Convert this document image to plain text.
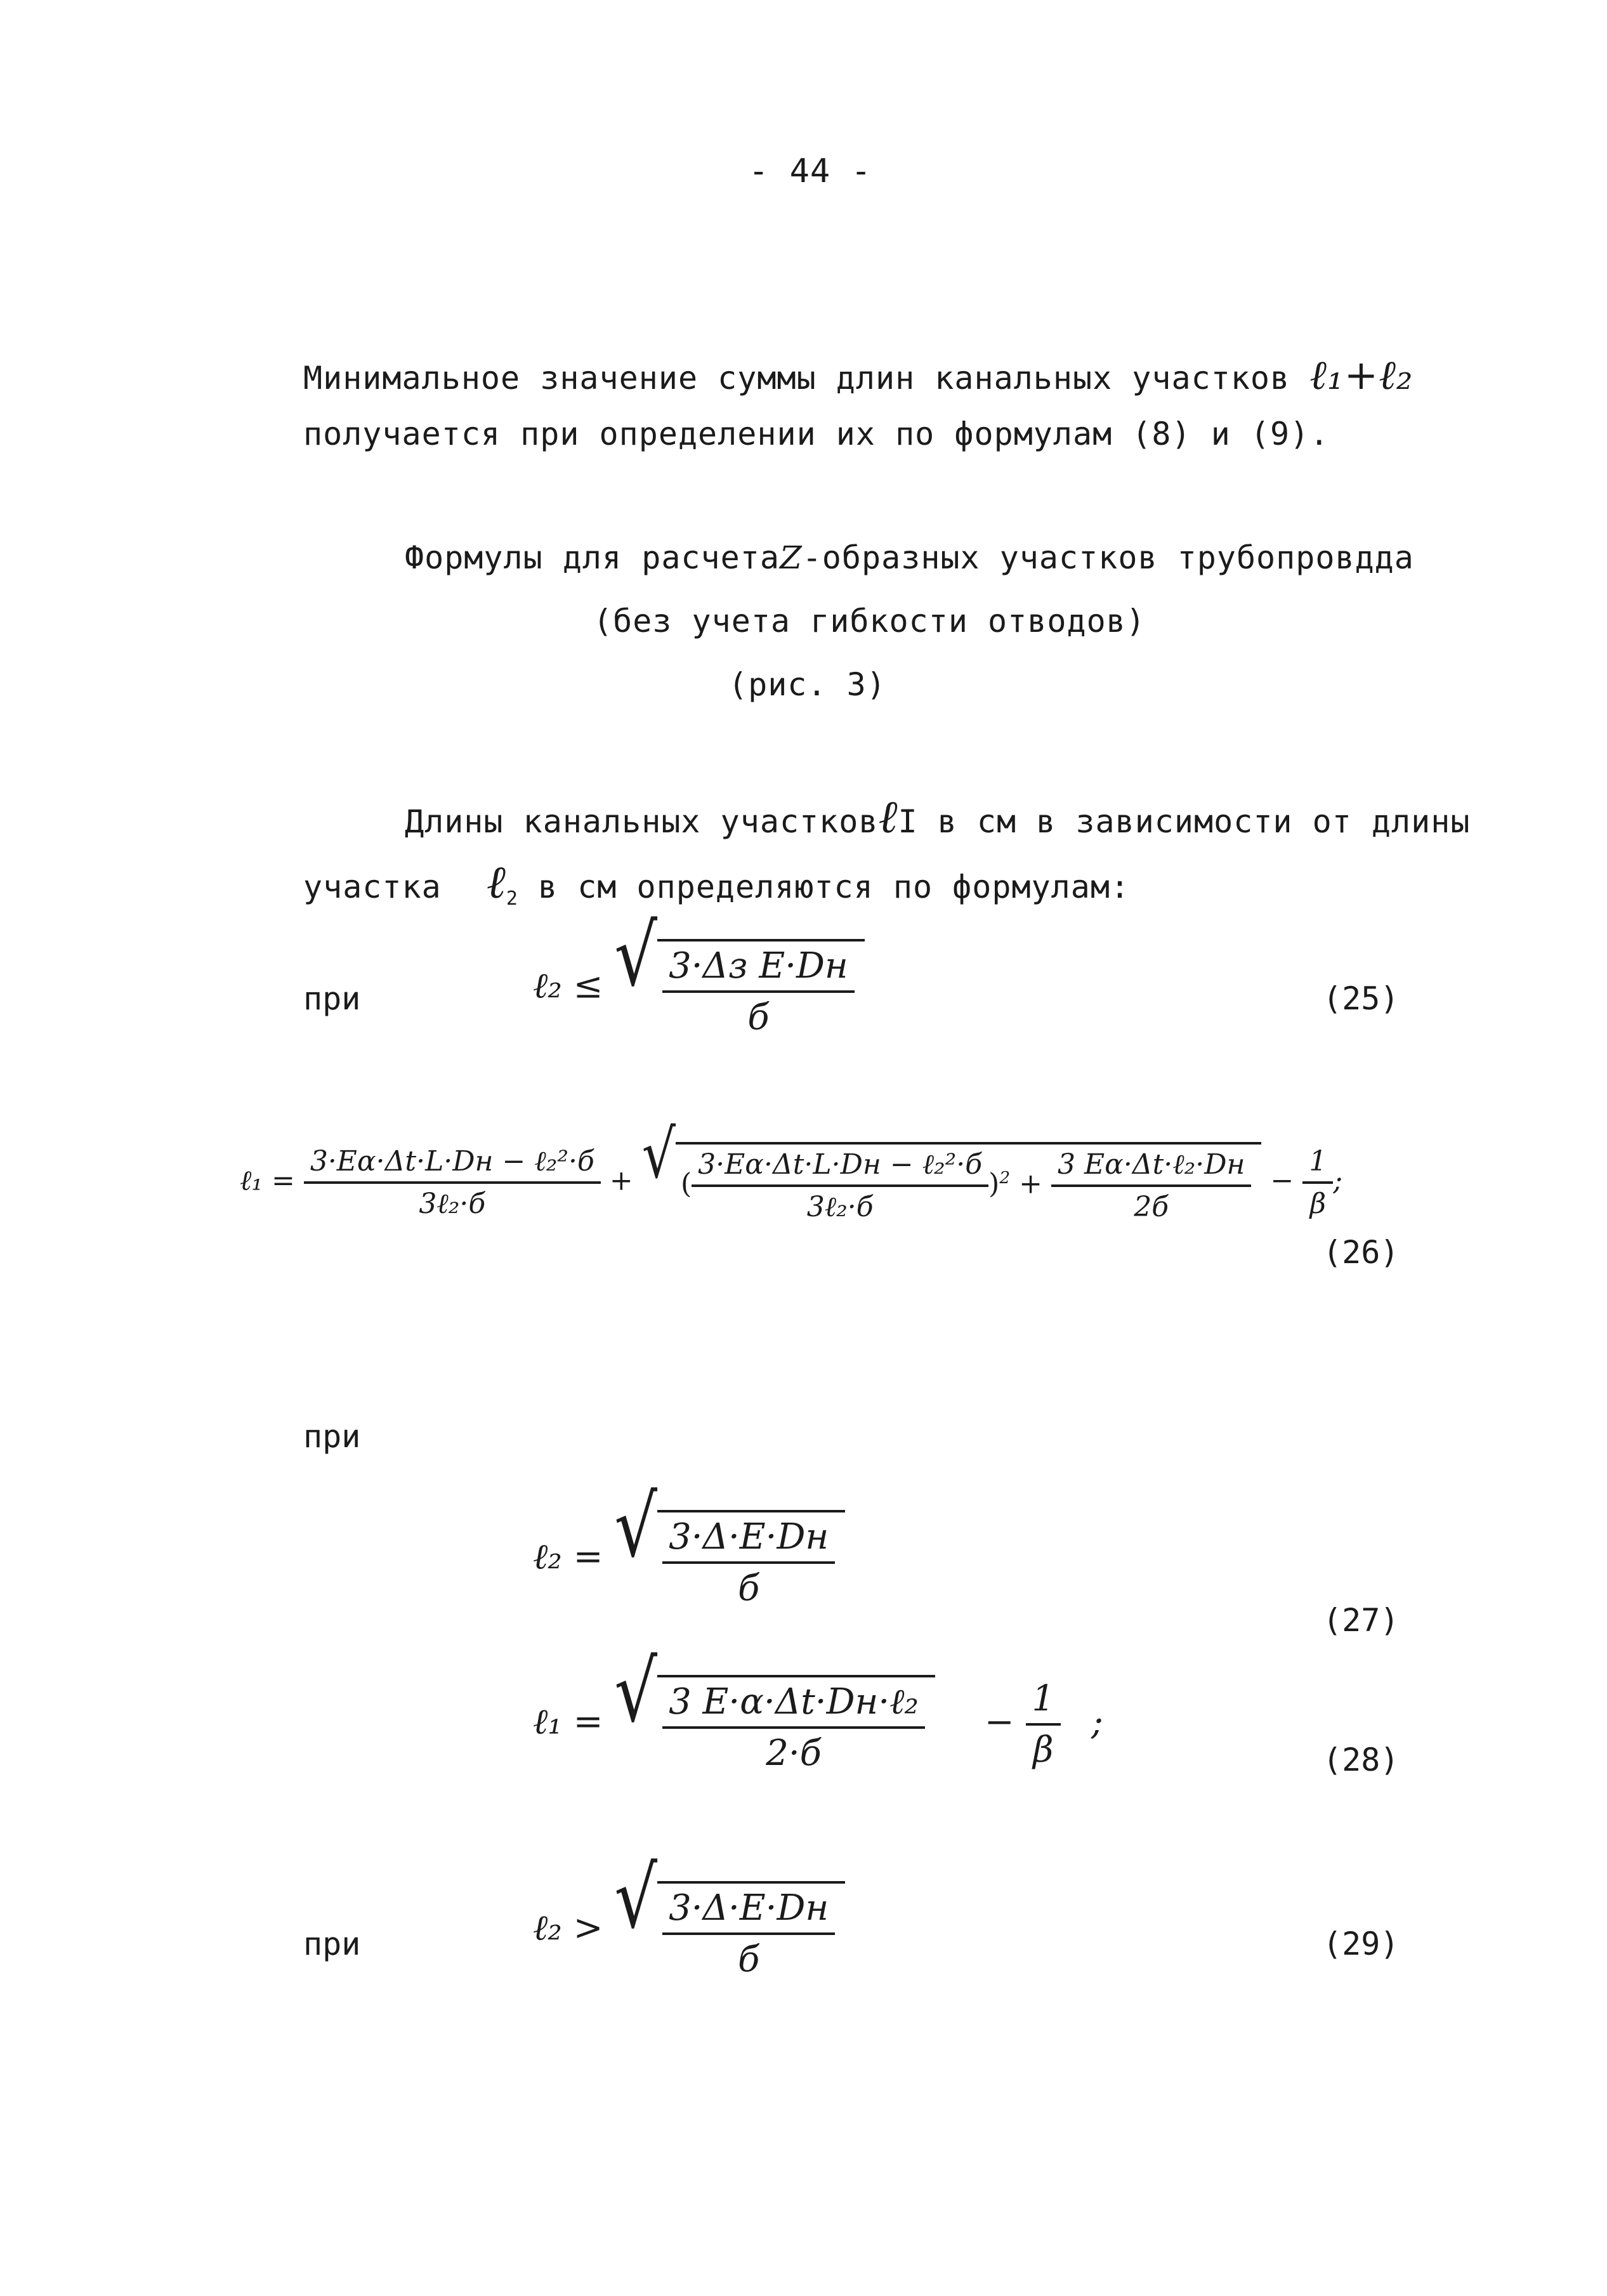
- 44 -
Минимальное значение суммы длин канальных участков ℓ₁+ℓ₂
получается при определении их по формулам (8) и (9).
Формулы для расчетаZ-образных участков трубопровдда
(без учета гибкости отводов)
(рис. 3)
Длины канальных участковℓI в см в зависимости от длины
участка ℓ$_2$ в см определяются по формулам:
при	ℓ₂ ≤ √ $\frac{\text{3·Δз E·Dн}}{б}$	(25)
ℓ₁ = $\frac{\text{3·Eα·Δt·L·Dн − ℓ₂²·б}}{\text{3ℓ₂·б}}$ + √ ( $\frac{\text{3·Eα·Δt·L·Dн − ℓ₂²·б}}{\text{3ℓ₂·б}} )^2 + \frac{\text{3 Eα·Δt·ℓ₂·Dн}}{2б} - \frac{1}{\beta}$ ;
(26)
при
ℓ₂ = √ $\frac{3\cdot\Delta\cdot E\cdot Dн}{б}$
(27)
ℓ₁ = √ $\frac{\text{3 E·α·Δt·Dн·ℓ₂}}{2\cdot б} - \frac{1}{\beta}$ ;
(28)
при	ℓ₂ > √ $\frac{3\cdot\Delta\cdot E\cdot Dн}{б}$	(29)
